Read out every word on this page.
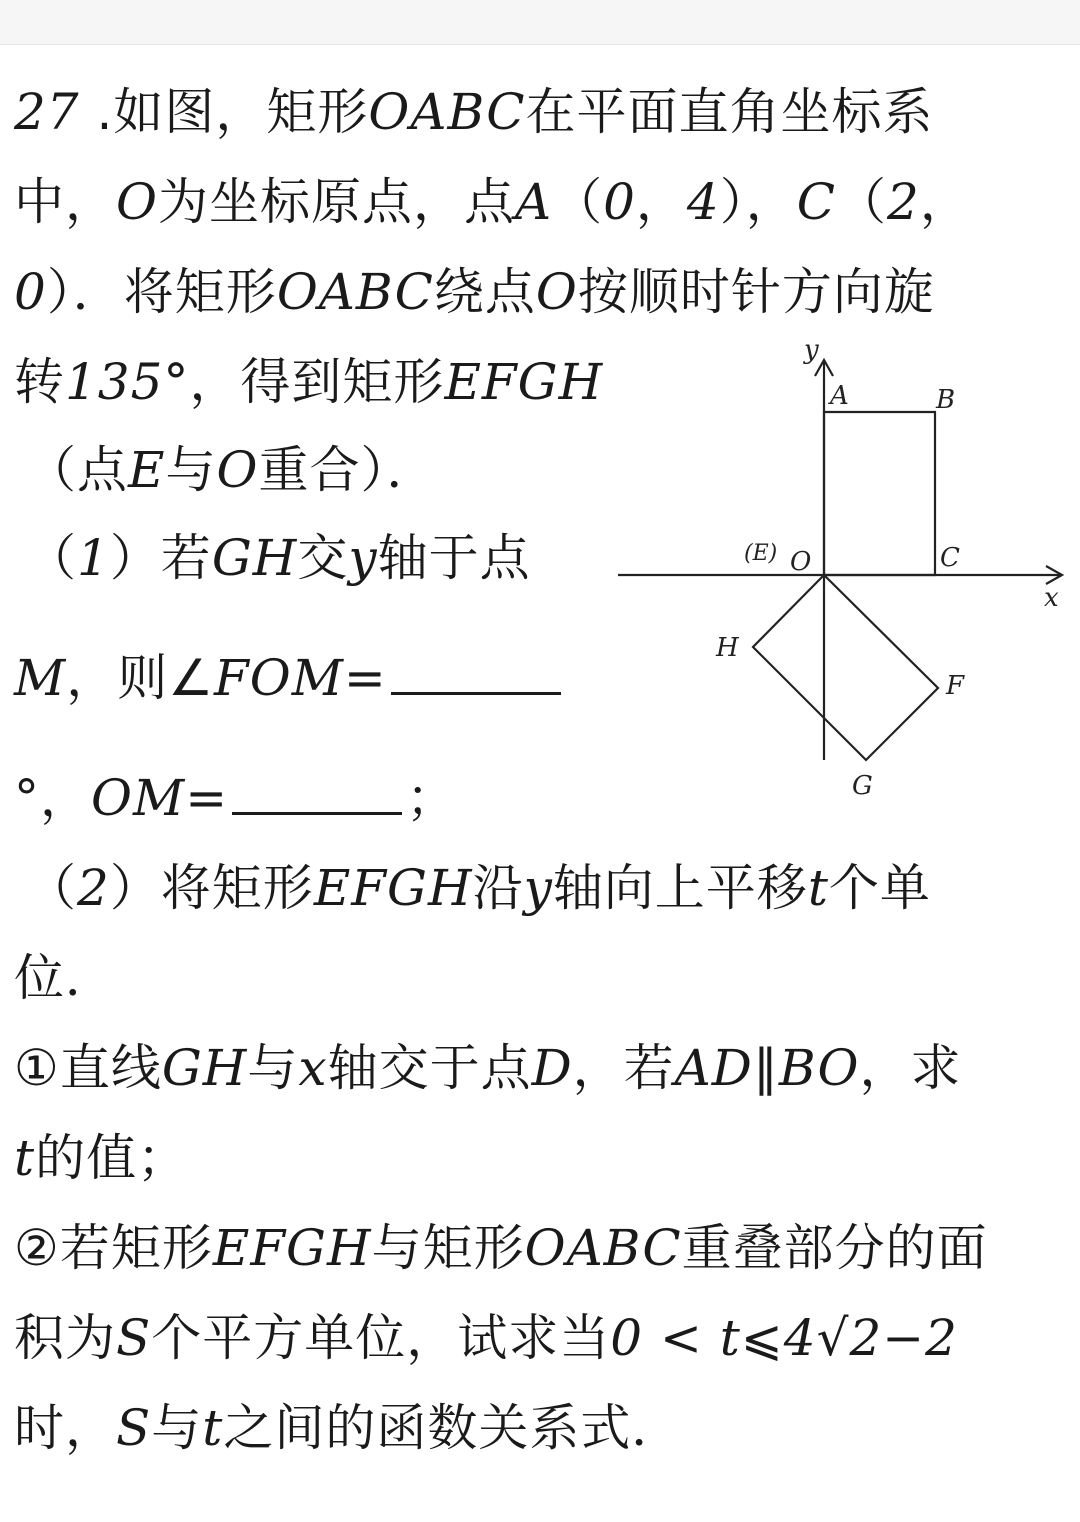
27 .如图，矩形OABC在平面直角坐标系
中，O为坐标原点，点A（0，4），C（2，
0）．将矩形OABC绕点O按顺时针方向旋
转135°，得到矩形EFGH
（点E与O重合）．
（1）若GH交y轴于点
M，则∠FOM=
°，OM=	；
（2）将矩形EFGH沿y轴向上平移t个单
位．
①直线GH与x轴交于点D，若AD∥BO，求
t的值；
②若矩形EFGH与矩形OABC重叠部分的面
积为S个平方单位，试求当0 < t⩽4√2−2
时，S与t之间的函数关系式．
y
A	B
(E) O	C
x
H
F
G
